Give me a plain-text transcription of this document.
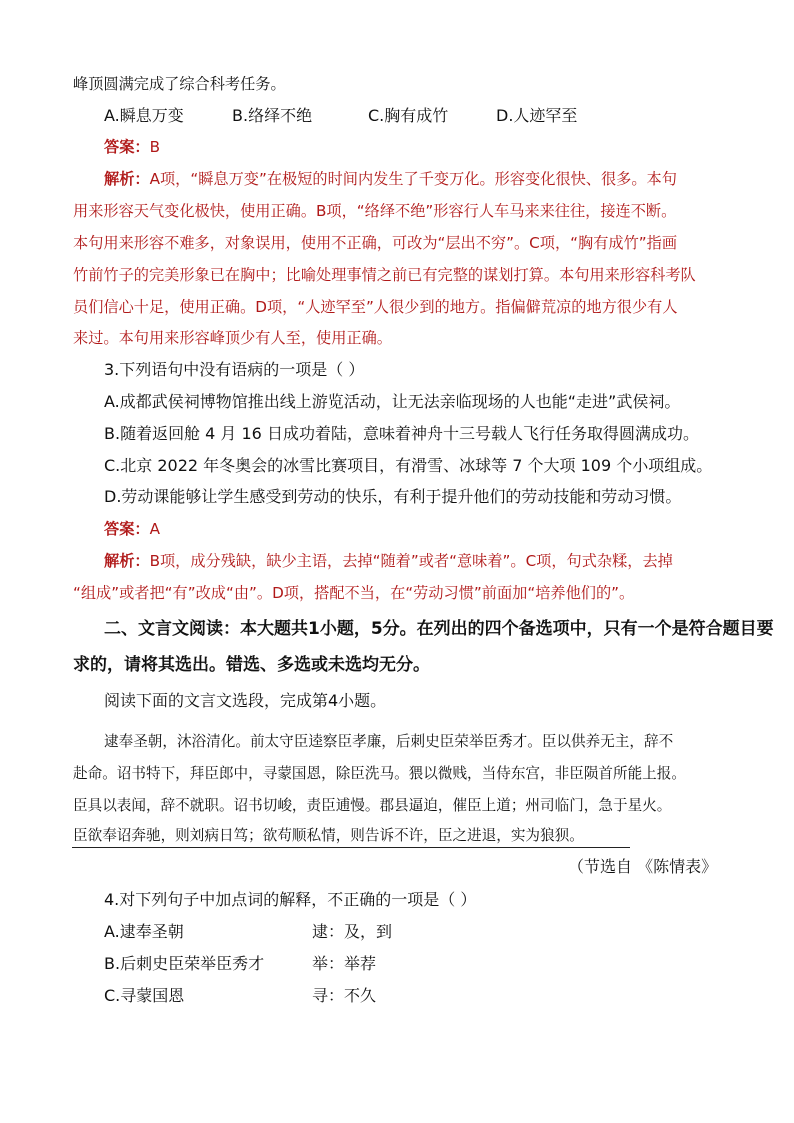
峰顶圆满完成了综合科考任务。
A.瞬息万变	B.络绎不绝	C.胸有成竹	D.人迹罕至
答案：B
解析：A项，“瞬息万变”在极短的时间内发生了千变万化。形容变化很快、很多。本句
用来形容天气变化极快，使用正确。B项，“络绎不绝”形容行人车马来来往往，接连不断。
本句用来形容不难多，对象误用，使用不正确，可改为“层出不穷”。C项，“胸有成竹”指画
竹前竹子的完美形象已在胸中；比喻处理事情之前已有完整的谋划打算。本句用来形容科考队
员们信心十足，使用正确。D项，“人迹罕至”人很少到的地方。指偏僻荒凉的地方很少有人
来过。本句用来形容峰顶少有人至，使用正确。
3.下列语句中没有语病的一项是（ ）
A.成都武侯祠博物馆推出线上游览活动，让无法亲临现场的人也能“走进”武侯祠。
B.随着返回舱 4 月 16 日成功着陆，意味着神舟十三号载人飞行任务取得圆满成功。
C.北京 2022 年冬奥会的冰雪比赛项目，有滑雪、冰球等 7 个大项 109 个小项组成。
D.劳动课能够让学生感受到劳动的快乐，有利于提升他们的劳动技能和劳动习惯。
答案：A
解析：B项，成分残缺，缺少主语，去掉“随着”或者“意味着”。C项，句式杂糅，去掉
“组成”或者把“有”改成“由”。D项，搭配不当，在“劳动习惯”前面加“培养他们的”。
二、文言文阅读：本大题共1小题，5分。在列出的四个备选项中，只有一个是符合题目要
求的，请将其选出。错选、多选或未选均无分。
阅读下面的文言文选段，完成第4小题。
逮奉圣朝，沐浴清化。前太守臣逵察臣孝廉，后刺史臣荣举臣秀才。臣以供养无主，辞不
赴命。诏书特下，拜臣郎中，寻蒙国恩，除臣洗马。猥以微贱，当侍东宫，非臣陨首所能上报。
臣具以表闻，辞不就职。诏书切峻，责臣逋慢。郡县逼迫，催臣上道；州司临门，急于星火。
臣欲奉诏奔驰，则刘病日笃；欲苟顺私情，则告诉不许，臣之进退，实为狼狈。
（节选自 《陈情表》
4.对下列句子中加点词的解释，不正确的一项是（ ）
A.逮奉圣朝	逮：及，到
B.后刺史臣荣举臣秀才	举：举荐
C.寻蒙国恩	寻：不久
